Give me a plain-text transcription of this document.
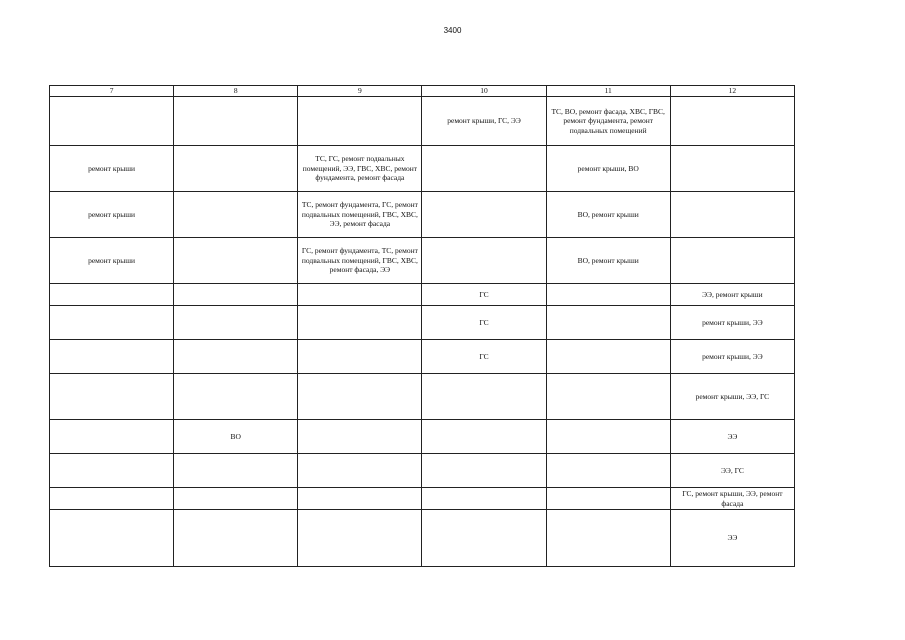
3400
7	8	9	10	11	12
			ремонт крыши, ГС, ЭЭ	ТС, ВО, ремонт фасада, ХВС, ГВС, ремонт фундамента, ремонт подвальных помещений	
ремонт крыши		ТС, ГС, ремонт подвальных помещений, ЭЭ, ГВС, ХВС, ремонт фундамента, ремонт фасада		ремонт крыши, ВО	
ремонт крыши		ТС, ремонт фундамента, ГС, ремонт подвальных помещений, ГВС, ХВС, ЭЭ, ремонт фасада		ВО, ремонт крыши	
ремонт крыши		ГС, ремонт фундамента, ТС, ремонт подвальных помещений, ГВС, ХВС, ремонт фасада, ЭЭ		ВО, ремонт крыши	
			ГС		ЭЭ, ремонт крыши
			ГС		ремонт крыши, ЭЭ
			ГС		ремонт крыши, ЭЭ
					ремонт крыши, ЭЭ, ГС
	ВО				ЭЭ
					ЭЭ, ГС
					ГС, ремонт крыши, ЭЭ, ремонт фасада
					ЭЭ
